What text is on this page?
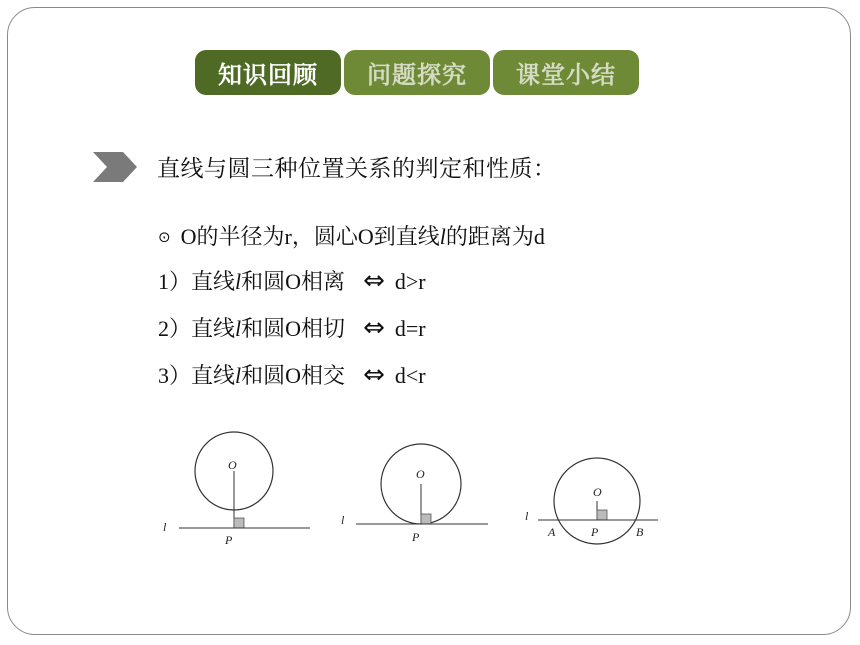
知识回顾	问题探究	课堂小结
直线与圆三种位置关系的判定和性质：
⊙ O的半径为r，圆心O到直线l的距离为d
1）直线l和圆O相离 ⇔ d>r
2）直线l和圆O相切 ⇔ d=r
3）直线l和圆O相交 ⇔ d<r
O
l
P
O
l
P
O
l
A	P	B
